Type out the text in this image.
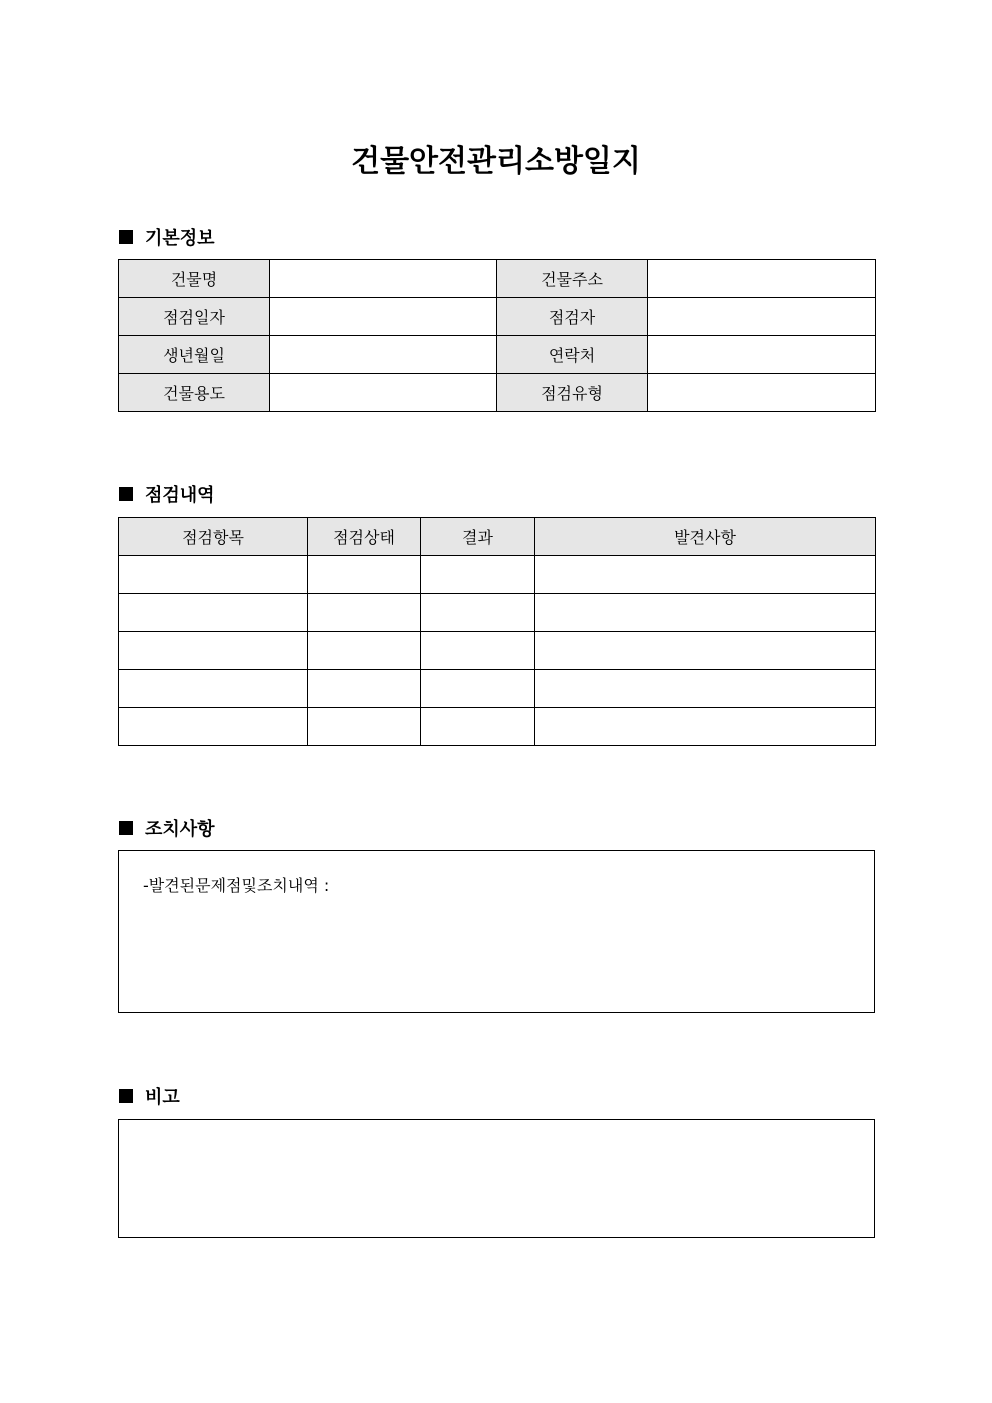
건물안전관리소방일지
기본정보
건물명		건물주소	
점검일자		점검자	
생년월일		연락처	
건물용도		점검유형	
점검내역
점검항목	점검상태	결과	발견사항

조치사항
-발견된문제점및조치내역 :
비고
